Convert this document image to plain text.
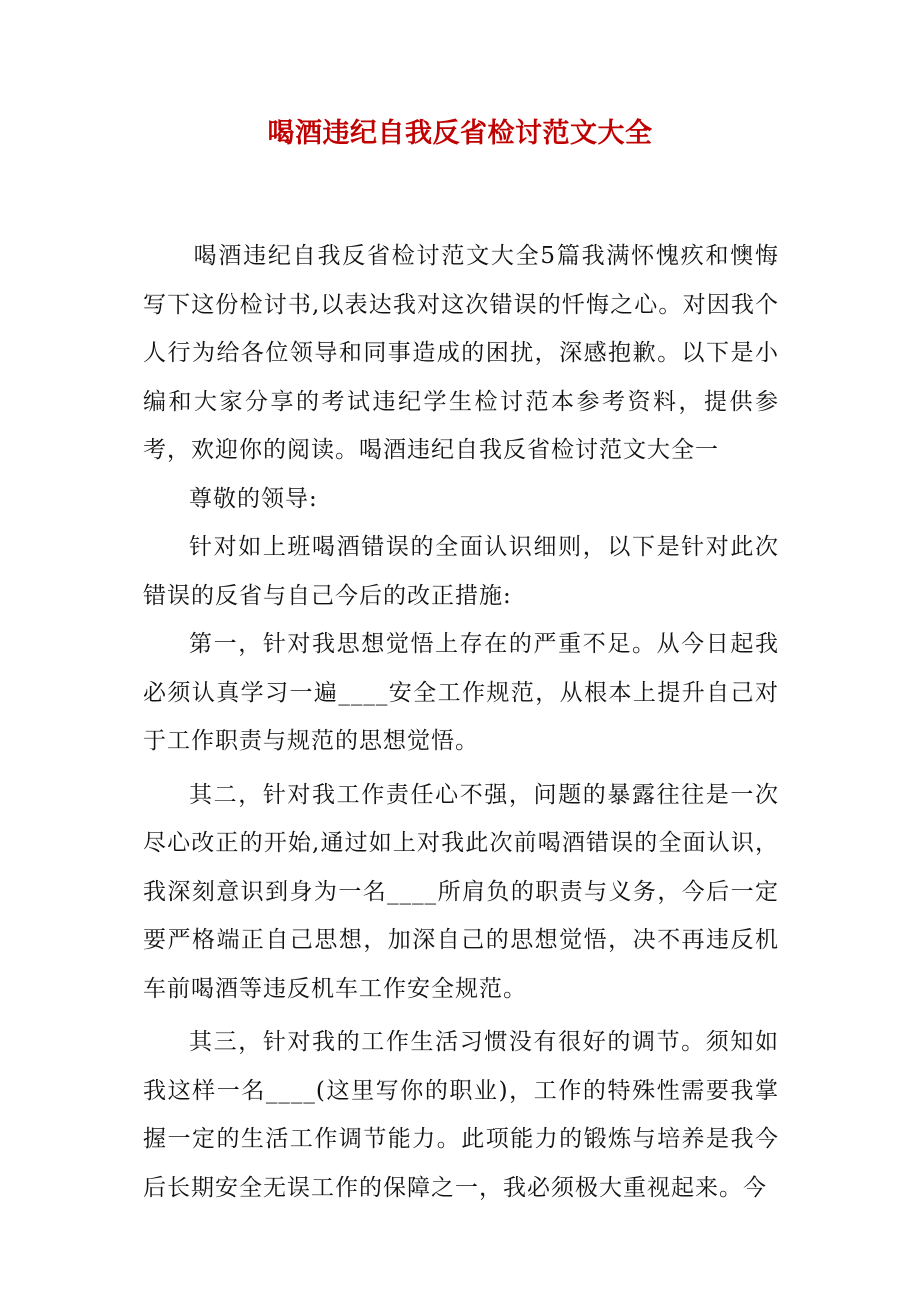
喝酒违纪自我反省检讨范文大全

喝酒违纪自我反省检讨范文大全5篇我满怀愧疚和懊悔写下这份检讨书,以表达我对这次错误的忏悔之心。对因我个人行为给各位领导和同事造成的困扰，深感抱歉。以下是小编和大家分享的考试违纪学生检讨范本参考资料，提供参考，欢迎你的阅读。喝酒违纪自我反省检讨范文大全一

尊敬的领导:

针对如上班喝酒错误的全面认识细则，以下是针对此次错误的反省与自己今后的改正措施:

第一，针对我思想觉悟上存在的严重不足。从今日起我必须认真学习一遍____安全工作规范，从根本上提升自己对于工作职责与规范的思想觉悟。

其二，针对我工作责任心不强，问题的暴露往往是一次尽心改正的开始,通过如上对我此次前喝酒错误的全面认识，我深刻意识到身为一名____所肩负的职责与义务，今后一定要严格端正自己思想，加深自己的思想觉悟，决不再违反机车前喝酒等违反机车工作安全规范。

其三，针对我的工作生活习惯没有很好的调节。须知如我这样一名____(这里写你的职业)，工作的特殊性需要我掌握一定的生活工作调节能力。此项能力的锻炼与培养是我今后长期安全无误工作的保障之一，我必须极大重视起来。今
